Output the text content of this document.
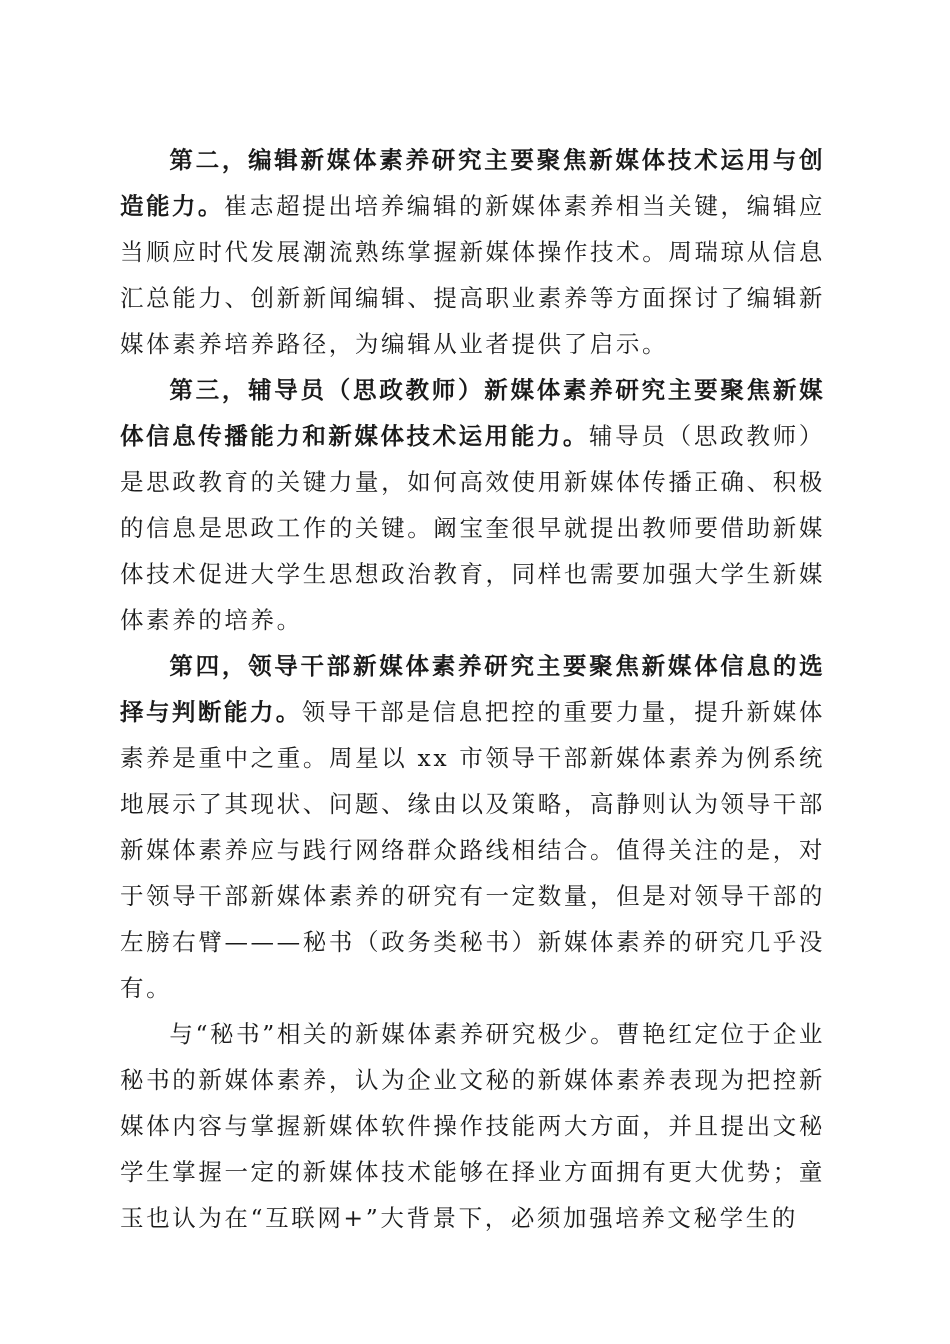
第二，编辑新媒体素养研究主要聚焦新媒体技术运用与创造能力。崔志超提出培养编辑的新媒体素养相当关键，编辑应当顺应时代发展潮流熟练掌握新媒体操作技术。周瑞琼从信息汇总能力、创新新闻编辑、提高职业素养等方面探讨了编辑新媒体素养培养路径，为编辑从业者提供了启示。

第三，辅导员（思政教师）新媒体素养研究主要聚焦新媒体信息传播能力和新媒体技术运用能力。辅导员（思政教师）是思政教育的关键力量，如何高效使用新媒体传播正确、积极的信息是思政工作的关键。阚宝奎很早就提出教师要借助新媒体技术促进大学生思想政治教育，同样也需要加强大学生新媒体素养的培养。

第四，领导干部新媒体素养研究主要聚焦新媒体信息的选择与判断能力。领导干部是信息把控的重要力量，提升新媒体素养是重中之重。周星以 xx 市领导干部新媒体素养为例系统地展示了其现状、问题、缘由以及策略，高静则认为领导干部新媒体素养应与践行网络群众路线相结合。值得关注的是，对于领导干部新媒体素养的研究有一定数量，但是对领导干部的左膀右臂———秘书（政务类秘书）新媒体素养的研究几乎没有。

与“秘书”相关的新媒体素养研究极少。曹艳红定位于企业秘书的新媒体素养，认为企业文秘的新媒体素养表现为把控新媒体内容与掌握新媒体软件操作技能两大方面，并且提出文秘学生掌握一定的新媒体技术能够在择业方面拥有更大优势；童玉也认为在“互联网+”大背景下，必须加强培养文秘学生的
